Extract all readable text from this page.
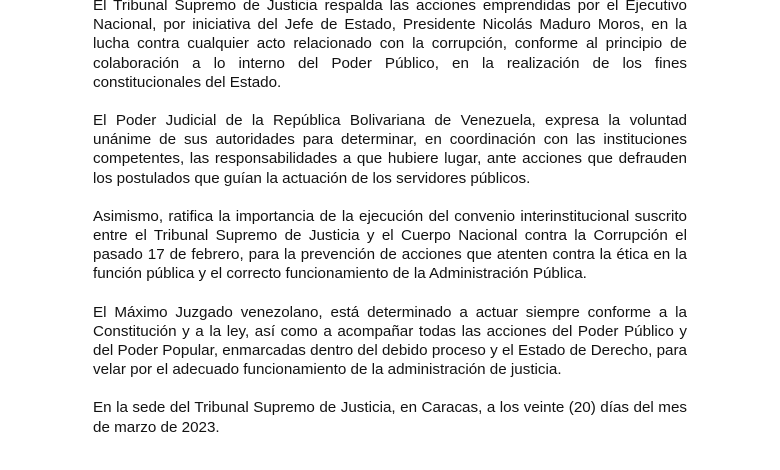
El Tribunal Supremo de Justicia respalda las acciones emprendidas por el Ejecutivo Nacional, por iniciativa del Jefe de Estado, Presidente Nicolás Maduro Moros, en la lucha contra cualquier acto relacionado con la corrupción, conforme al principio de colaboración a lo interno del Poder Público, en la realización de los fines constitucionales del Estado.

El Poder Judicial de la República Bolivariana de Venezuela, expresa la voluntad unánime de sus autoridades para determinar, en coordinación con las instituciones competentes, las responsabilidades a que hubiere lugar, ante acciones que defrauden los postulados que guían la actuación de los servidores públicos.

Asimismo, ratifica la importancia de la ejecución del convenio interinstitucional suscrito entre el Tribunal Supremo de Justicia y el Cuerpo Nacional contra la Corrupción el pasado 17 de febrero, para la prevención de acciones que atenten contra la ética en la función pública y el correcto funcionamiento de la Administración Pública.

El Máximo Juzgado venezolano, está determinado a actuar siempre conforme a la Constitución y a la ley, así como a acompañar todas las acciones del Poder Público y del Poder Popular, enmarcadas dentro del debido proceso y el Estado de Derecho, para velar por el adecuado funcionamiento de la administración de justicia.

En la sede del Tribunal Supremo de Justicia, en Caracas, a los veinte (20) días del mes de marzo de 2023.
